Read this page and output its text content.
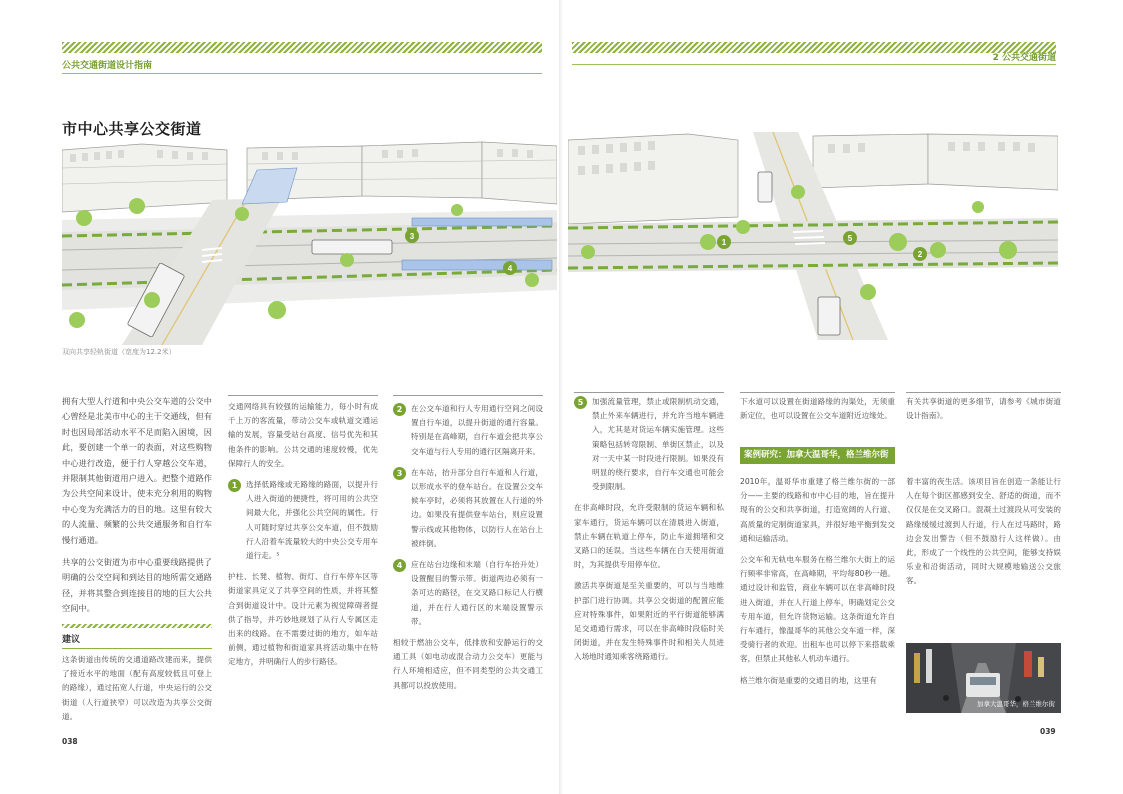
公共交通街道设计指南
市中心共享公交街道
3
4
双向共享轻轨街道（宽度为12.2米）

拥有大型人行道和中央公交车道的公交中心曾经是北美市中心的主干交通线，但有时也因局部活动水平不足而陷入困境，因此，要创建一个单一的表面，对这些购物中心进行改造，便于行人穿越公交车道，并限制其他街道用户进入。把整个道路作为公共空间来设计，使未充分利用的购物中心变为充满活力的目的地。这里有较大的人流量、频繁的公共交通服务和自行车慢行通道。

共享的公交街道为市中心重要线路提供了明确的公交空间和到达目的地所需交通路径，并将其整合到连接目的地的巨大公共空间中。

建议
这条街道由传统的交通道路改建而来，提供了接近水平的地面（配有高度较低且可登上的路缘），通过拓宽人行道，中央运行的公交街道（人行道狭窄）可以改造为共享公交街道。

交通网络具有较强的运输能力，每小时有成千上万的客流量，带动公交车或轨道交通运输的发展，容量受站台高度、信号优先和其他条件的影响。公共交通的速度较慢，优先保障行人的安全。

1	选择低路缘或无路缘的路面，以提升行人进入街道的便捷性，将可用的公共空间最大化，并强化公共空间的属性。行人可随时穿过共享公交车道，但不鼓励行人沿着车流量较大的中央公交专用车道行走。⁵

护柱、长凳、植物、街灯、自行车停车区等街道家具定义了共享空间的性质，并将其整合到街道设计中。设计元素为视觉障碍者提供了指导，并巧妙地规划了从行人专属区走出来的线路。在不需要过街的地方，如车站前侧，通过植物和街道家具将活动集中在特定地方，并明确行人的步行路径。

2	在公交车道和行人专用通行空间之间设置自行车道，以提升街道的通行容量。特别是在高峰期，自行车道会把共享公交车道与行人专用的通行区隔离开来。
3	在车站，抬升部分自行车道和人行道，以形成水平的登车站台。在设置公交车候车亭时，必须将其放置在人行道的外边。如果没有提供登车站台，则应设置警示线或其他物体，以防行人在站台上被绊倒。
4	应在站台边缘和末端（自行车抬升处）设置醒目的警示带。街道两边必须有一条可达的路径，在交叉路口标记人行横道，并在行人通行区的末端设置警示带。

相较于燃油公交车，低排放和安静运行的交通工具（如电动或混合动力公交车）更能与行人环境相适应，但不同类型的公共交通工具都可以投放使用。

038
2 公共交通街道
1	5
2
5	加强流量管理，禁止或限制机动交通，禁止外来车辆进行，并允许当地车辆进入，尤其是对货运车辆实施管理。这些策略包括转弯限制、单街区禁止，以及对一天中某一时段进行限制。如果没有明显的绕行要求，自行车交通也可能会受到限制。

在非高峰时段，允许受限制的货运车辆和私家车通行，货运车辆可以在清晨进入街道，禁止车辆在轨道上停车，防止车道拥堵和交叉路口的延误。当这些车辆在白天使用街道时，为其提供专用停车位。

激活共享街道是至关重要的，可以与当地维护部门进行协调。共享公交街道的配置应能应对特殊事件，如果附近的平行街道能够满足交通通行需求，可以在非高峰时段临时关闭街道，并在发生特殊事件时和相关人员进入场地时通知乘客绕路通行。

下水道可以设置在街道路缘的沟渠处，无须重新定位，也可以设置在公交车道附近边缘处。

2010年，温哥华市重建了格兰维尔街的一部分——主要的线路和市中心目的地，旨在提升现有的公交和共享街道，打造宽阔的人行道、高质量的定制街道家具，并很好地平衡到发交通和运输活动。

公交车和无轨电车服务在格兰维尔大街上的运行频率非常高，在高峰期，平均每80秒一趟。通过设计和监管，商业车辆可以在非高峰时段进入街道，并在人行道上停车，明确划定公交专用车道，但允许货物运输。这条街道允许自行车通行，像温哥华的其他公交车道一样，深受骑行者的欢迎。出租车也可以停下来搭载乘客，但禁止其他私人机动车通行。

格兰维尔街是重要的交通目的地，这里有

有关共享街道的更多细节，请参考《城市街道设计指南》。
着丰富的夜生活。该项目旨在创造一条能让行人在每个街区都感到安全、舒适的街道，而不仅仅是在交叉路口。混凝土过渡段从可安装的路缘缓缓过渡到人行道，行人在过马路时，路边会发出警告（但不鼓励行人这样做）。由此，形成了一个线性的公共空间，能够支持娱乐业和沿街活动，同时大规模地输送公交旅客。
039
案例研究：加拿大温哥华，格兰维尔街
加拿大温哥华，格兰维尔街
